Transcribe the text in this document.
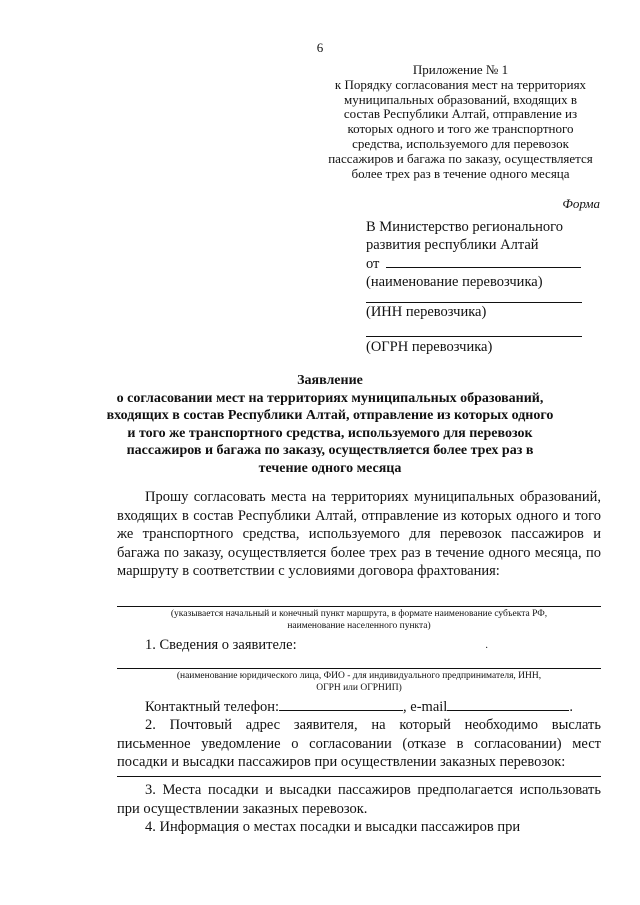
6
Приложение № 1
к Порядку согласования мест на территориях
муниципальных образований, входящих в
состав Республики Алтай, отправление из
которых одного и того же транспортного
средства, используемого для перевозок
пассажиров и багажа по заказу, осуществляется
более трех раз в течение одного месяца
Форма
В Министерство регионального
развития республики Алтай
от
(наименование перевозчика)
(ИНН перевозчика)
(ОГРН перевозчика)
Заявление
о согласовании мест на территориях муниципальных образований,
входящих в состав Республики Алтай, отправление из которых одного
и того же транспортного средства, используемого для перевозок
пассажиров и багажа по заказу, осуществляется более трех раз в
течение одного месяца
Прошу согласовать места на территориях муниципальных образований, входящих в состав Республики Алтай, отправление из которых одного и того же транспортного средства, используемого для перевозок пассажиров и багажа по заказу, осуществляется более трех раз в течение одного месяца, по маршруту в соответствии с условиями договора фрахтования:
(указывается начальный и конечный пункт маршрута, в формате наименование субъекта РФ,
наименование населенного пункта)
1. Сведения о заявителе:	·
(наименование юридического лица, ФИО - для индивидуального предпринимателя, ИНН,
ОГРН или ОГРНИП)
Контактный телефон:	, e-mail	.
2. Почтовый адрес заявителя, на который необходимо выслать письменное уведомление о согласовании (отказе в согласовании) мест посадки и высадки пассажиров при осуществлении заказных перевозок:
3. Места посадки и высадки пассажиров предполагается использовать при осуществлении заказных перевозок.
4. Информация о местах посадки и высадки пассажиров при
